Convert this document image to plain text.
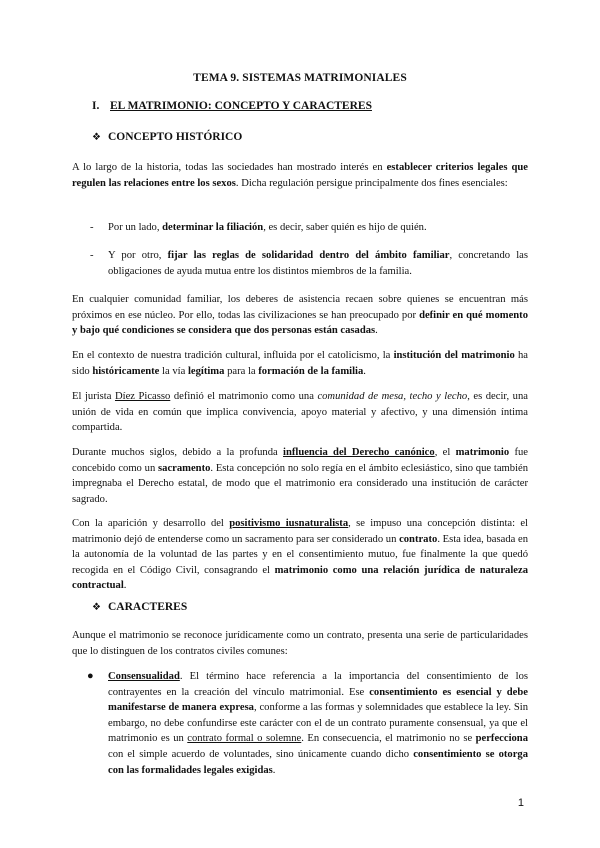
TEMA 9. SISTEMAS MATRIMONIALES
I. EL MATRIMONIO: CONCEPTO Y CARACTERES
❖ CONCEPTO HISTÓRICO
A lo largo de la historia, todas las sociedades han mostrado interés en establecer criterios legales que regulen las relaciones entre los sexos. Dicha regulación persigue principalmente dos fines esenciales:
- Por un lado, determinar la filiación, es decir, saber quién es hijo de quién.
- Y por otro, fijar las reglas de solidaridad dentro del ámbito familiar, concretando las obligaciones de ayuda mutua entre los distintos miembros de la familia.
En cualquier comunidad familiar, los deberes de asistencia recaen sobre quienes se encuentran más próximos en ese núcleo. Por ello, todas las civilizaciones se han preocupado por definir en qué momento y bajo qué condiciones se considera que dos personas están casadas.
En el contexto de nuestra tradición cultural, influida por el catolicismo, la institución del matrimonio ha sido históricamente la vía legítima para la formación de la familia.
El jurista Díez Picasso definió el matrimonio como una comunidad de mesa, techo y lecho, es decir, una unión de vida en común que implica convivencia, apoyo material y afectivo, y una dimensión íntima compartida.
Durante muchos siglos, debido a la profunda influencia del Derecho canónico, el matrimonio fue concebido como un sacramento. Esta concepción no solo regía en el ámbito eclesiástico, sino que también impregnaba el Derecho estatal, de modo que el matrimonio era considerado una institución de carácter sagrado.
Con la aparición y desarrollo del positivismo iusnaturalista, se impuso una concepción distinta: el matrimonio dejó de entenderse como un sacramento para ser considerado un contrato. Esta idea, basada en la autonomía de la voluntad de las partes y en el consentimiento mutuo, fue finalmente la que quedó recogida en el Código Civil, consagrando el matrimonio como una relación jurídica de naturaleza contractual.
❖ CARACTERES
Aunque el matrimonio se reconoce jurídicamente como un contrato, presenta una serie de particularidades que lo distinguen de los contratos civiles comunes:
● Consensualidad. El término hace referencia a la importancia del consentimiento de los contrayentes en la creación del vínculo matrimonial. Ese consentimiento es esencial y debe manifestarse de manera expresa, conforme a las formas y solemnidades que establece la ley. Sin embargo, no debe confundirse este carácter con el de un contrato puramente consensual, ya que el matrimonio es un contrato formal o solemne. En consecuencia, el matrimonio no se perfecciona con el simple acuerdo de voluntades, sino únicamente cuando dicho consentimiento se otorga con las formalidades legales exigidas.
1
